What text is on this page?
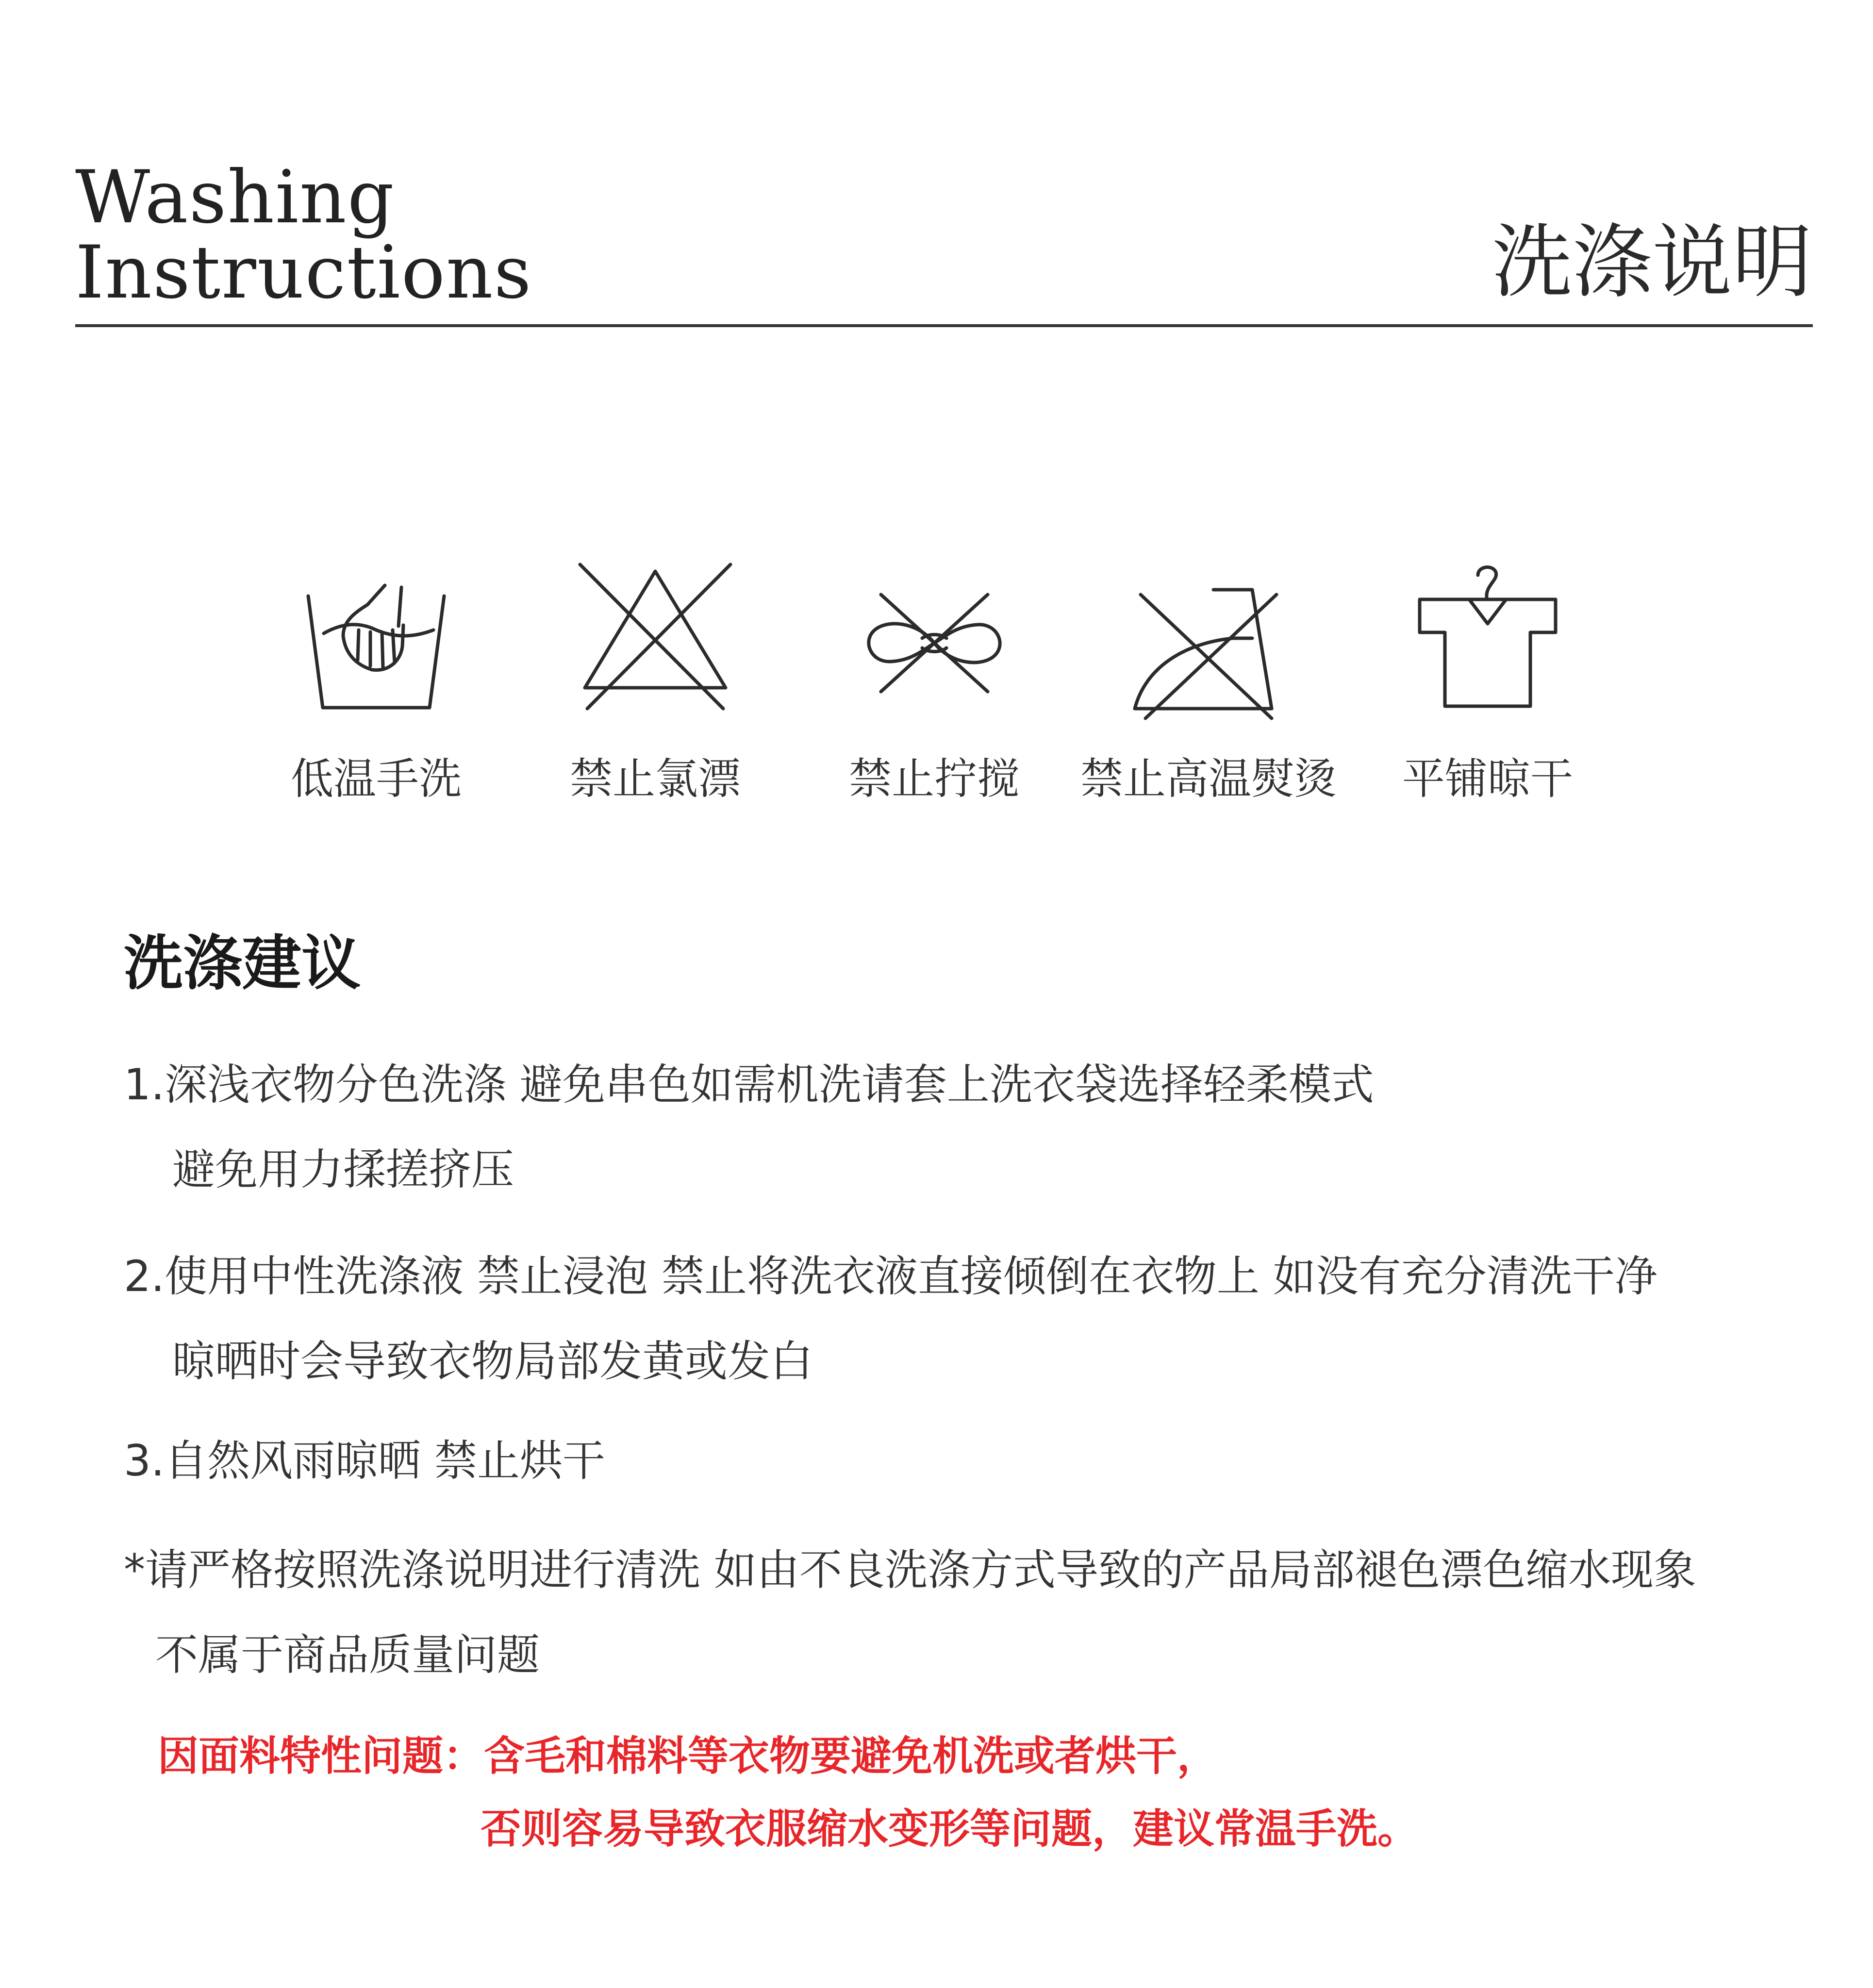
Washing
Instructions	洗涤说明
低温手洗	禁止氯漂	禁止拧搅 禁止高温熨烫 平铺晾干
洗涤建议
1.深浅衣物分色洗涤 避免串色如需机洗请套上洗衣袋选择轻柔模式
避免用力揉搓挤压
2.使用中性洗涤液 禁止浸泡 禁止将洗衣液直接倾倒在衣物上 如没有充分清洗干净
晾晒时会导致衣物局部发黄或发白
3.自然风雨晾晒 禁止烘干
*请严格按照洗涤说明进行清洗 如由不良洗涤方式导致的产品局部褪色漂色缩水现象
不属于商品质量问题
因面料特性问题：含毛和棉料等衣物要避免机洗或者烘干，
否则容易导致衣服缩水变形等问题，建议常温手洗。
